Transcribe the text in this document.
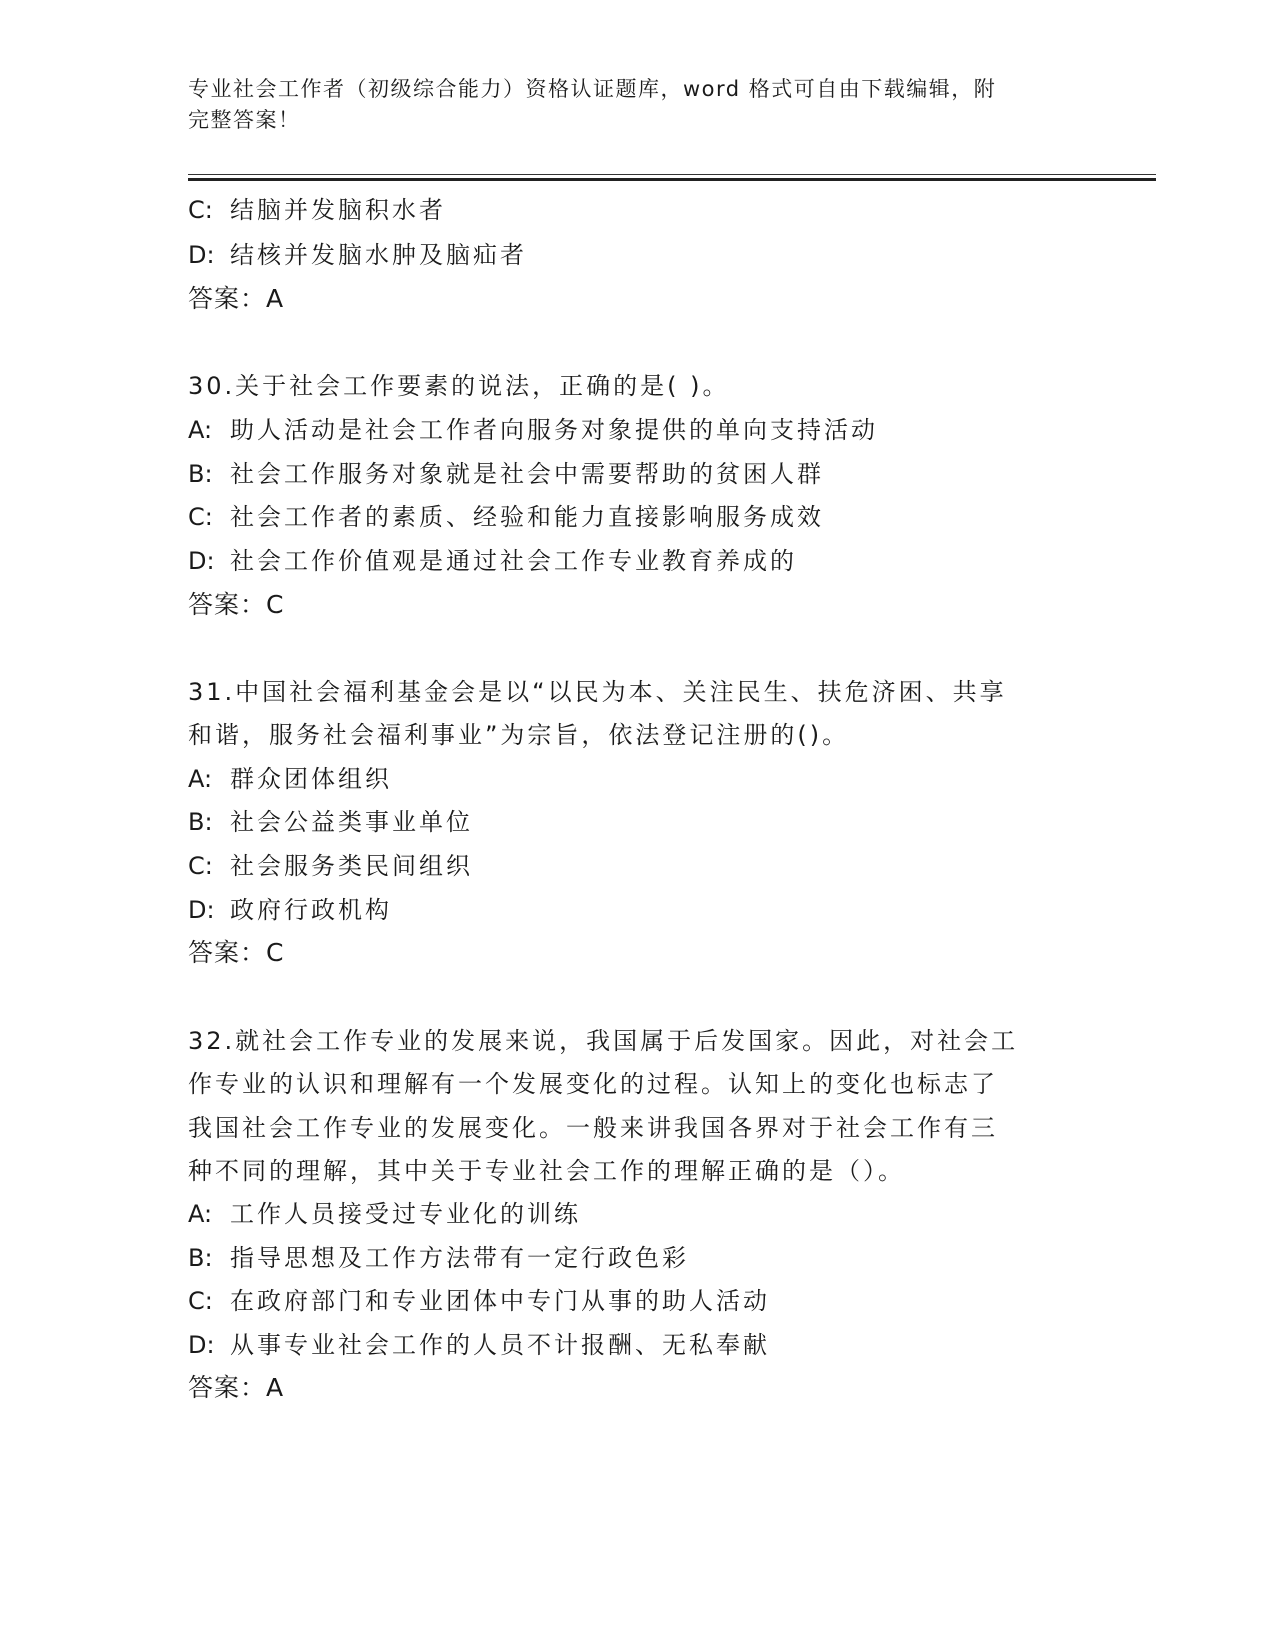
专业社会工作者（初级综合能力）资格认证题库，word 格式可自由下载编辑，附
完整答案！
C: 结脑并发脑积水者
D: 结核并发脑水肿及脑疝者
答案：A
30.关于社会工作要素的说法，正确的是( )。
A: 助人活动是社会工作者向服务对象提供的单向支持活动
B: 社会工作服务对象就是社会中需要帮助的贫困人群
C: 社会工作者的素质、经验和能力直接影响服务成效
D: 社会工作价值观是通过社会工作专业教育养成的
答案：C
31.中国社会福利基金会是以“以民为本、关注民生、扶危济困、共享
和谐，服务社会福利事业”为宗旨，依法登记注册的()。
A: 群众团体组织
B: 社会公益类事业单位
C: 社会服务类民间组织
D: 政府行政机构
答案：C
32.就社会工作专业的发展来说，我国属于后发国家。因此，对社会工
作专业的认识和理解有一个发展变化的过程。认知上的变化也标志了
我国社会工作专业的发展变化。一般来讲我国各界对于社会工作有三
种不同的理解，其中关于专业社会工作的理解正确的是（）。
A: 工作人员接受过专业化的训练
B: 指导思想及工作方法带有一定行政色彩
C: 在政府部门和专业团体中专门从事的助人活动
D: 从事专业社会工作的人员不计报酬、无私奉献
答案：A
